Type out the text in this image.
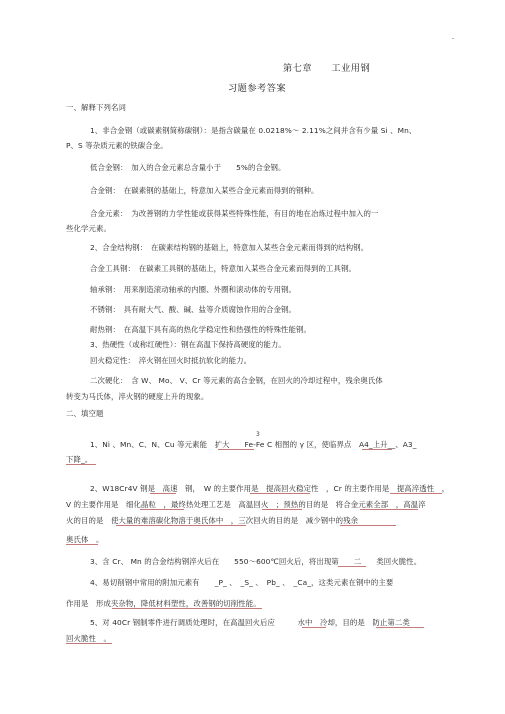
-
第七章　　工业用钢
习题参考答案
一、解释下列名词
1、非合金钢（或碳素钢简称碳钢）：是指含碳量在 0.0218%～ 2.11%之间并含有少量 Si 、Mn、
P、S 等杂质元素的铁碳合金。
低合金钢：　加入的合金元素总含量小于　　5%的合金钢。
合金钢：　在碳素钢的基础上，特意加入某些合金元素而得到的钢种。
合金元素：　为改善钢的力学性能或获得某些特殊性能，有目的地在冶炼过程中加入的一
些化学元素。
2、合金结构钢：　在碳素结构钢的基础上，特意加入某些合金元素而得到的结构钢。
合金工具钢：　在碳素工具钢的基础上，特意加入某些合金元素而得到的工具钢。
轴承钢：　用来制造滚动轴承的内圈、外圈和滚动体的专用钢。
不锈钢：　具有耐大气、酸、碱、盐等介质腐蚀作用的合金钢。
耐热钢：　在高温下具有高的热化学稳定性和热强性的特殊性能钢。
3、热硬性（或称红硬性）：钢在高温下保持高硬度的能力。
回火稳定性：　淬火钢在回火时抵抗软化的能力。
二次硬化：　含 W、 Mo、 V、Cr 等元素的高合金钢，在回火的冷却过程中，残余奥氏体
转变为马氏体，淬火钢的硬度上升的现象。
二、填空题
3
1、Ni 、Mn、C、N、Cu 等元素能　扩大　　Fe-Fe C 相图的 γ 区，使临界点　A4_上升__、A3_
下降_。
2、W18Cr4V 钢是　高速　钢，　W 的主要作用是　提高回火稳定性　，Cr 的主要作用是　提高淬透性　，
V 的主要作用是　细化晶粒　，最终热处理工艺是　高温回火　；预热的目的是　将合金元素全部　，高温淬
火的目的是　使大量的难溶碳化物溶于奥氏体中　，三次回火的目的是　减少钢中的残余
奥氏体　。
3、含 Cr、 Mn 的合金结构钢淬火后在　　550～600℃回火后，将出现第　　二　　类回火脆性。
4、易切削钢中常用的附加元素有　　_P_ 、　_S_ 、　Pb_ 、　_Ca_，这类元素在钢中的主要
作用是　形成夹杂物，降低材料塑性，改善钢的切削性能。
5、对 40Cr 钢制零件进行调质处理时，在高温回火后应　　　水中　冷却，目的是　防止第二类
回火脆性　。
